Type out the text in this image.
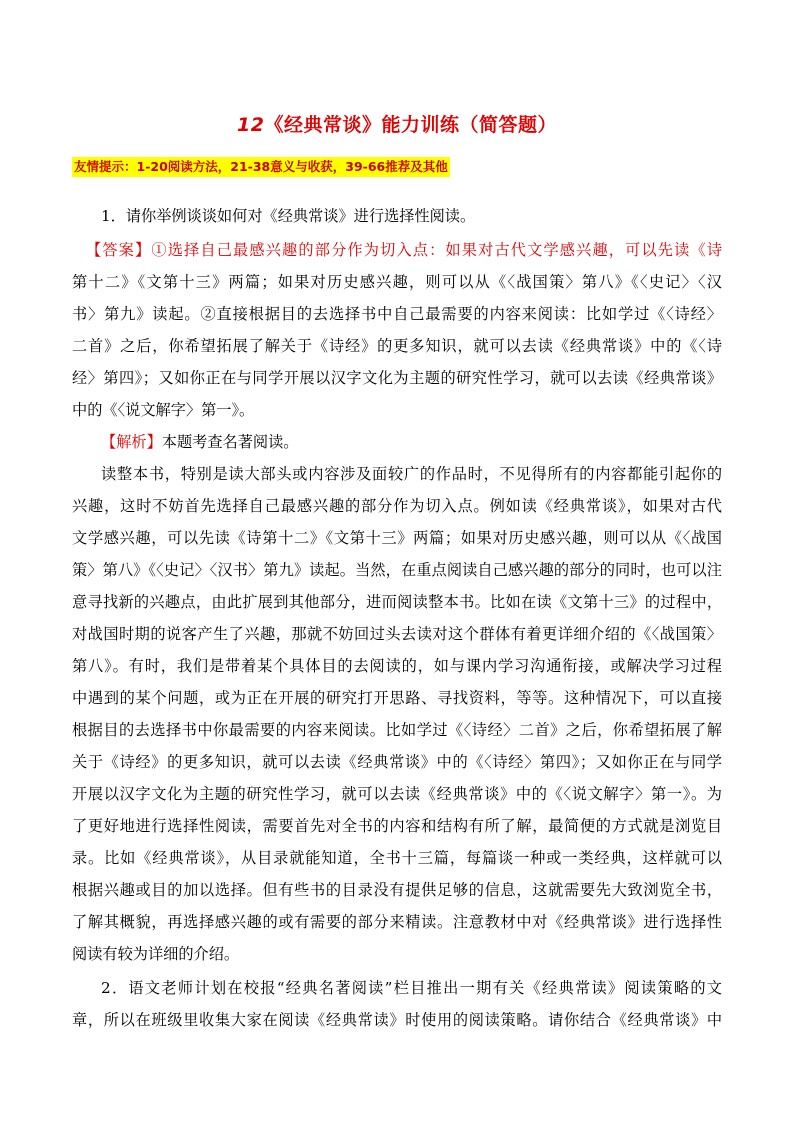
12《经典常谈》能力训练（简答题）
友情提示：1-20阅读方法，21-38意义与收获，39-66推荐及其他
1．请你举例谈谈如何对《经典常谈》进行选择性阅读。
【答案】①选择自己最感兴趣的部分作为切入点：如果对古代文学感兴趣，可以先读《诗
第十二》《文第十三》两篇；如果对历史感兴趣，则可以从《〈战国策〉第八》《〈史记〉〈汉
书〉第九》读起。②直接根据目的去选择书中自己最需要的内容来阅读：比如学过《〈诗经〉
二首》之后，你希望拓展了解关于《诗经》的更多知识，就可以去读《经典常谈》中的《〈诗
经〉第四》；又如你正在与同学开展以汉字文化为主题的研究性学习，就可以去读《经典常谈》
中的《〈说文解字〉第一》。
【解析】本题考查名著阅读。
读整本书，特别是读大部头或内容涉及面较广的作品时，不见得所有的内容都能引起你的
兴趣，这时不妨首先选择自己最感兴趣的部分作为切入点。例如读《经典常谈》，如果对古代
文学感兴趣，可以先读《诗第十二》《文第十三》两篇；如果对历史感兴趣，则可以从《〈战国
策〉第八》《〈史记〉〈汉书〉第九》读起。当然，在重点阅读自己感兴趣的部分的同时，也可以注
意寻找新的兴趣点，由此扩展到其他部分，进而阅读整本书。比如在读《文第十三》的过程中，
对战国时期的说客产生了兴趣，那就不妨回过头去读对这个群体有着更详细介绍的《〈战国策〉
第八》。有时，我们是带着某个具体目的去阅读的，如与课内学习沟通衔接，或解决学习过程
中遇到的某个问题，或为正在开展的研究打开思路、寻找资料，等等。这种情况下，可以直接
根据目的去选择书中你最需要的内容来阅读。比如学过《〈诗经〉二首》之后，你希望拓展了解
关于《诗经》的更多知识，就可以去读《经典常谈》中的《〈诗经〉第四》；又如你正在与同学
开展以汉字文化为主题的研究性学习，就可以去读《经典常谈》中的《〈说文解字〉第一》。为
了更好地进行选择性阅读，需要首先对全书的内容和结构有所了解，最简便的方式就是浏览目
录。比如《经典常谈》，从目录就能知道，全书十三篇，每篇谈一种或一类经典，这样就可以
根据兴趣或目的加以选择。但有些书的目录没有提供足够的信息，这就需要先大致浏览全书，
了解其概貌，再选择感兴趣的或有需要的部分来精读。注意教材中对《经典常谈》进行选择性
阅读有较为详细的介绍。
2．语文老师计划在校报“经典名著阅读”栏目推出一期有关《经典常读》阅读策略的文
章，所以在班级里收集大家在阅读《经典常读》时使用的阅读策略。请你结合《经典常谈》中
